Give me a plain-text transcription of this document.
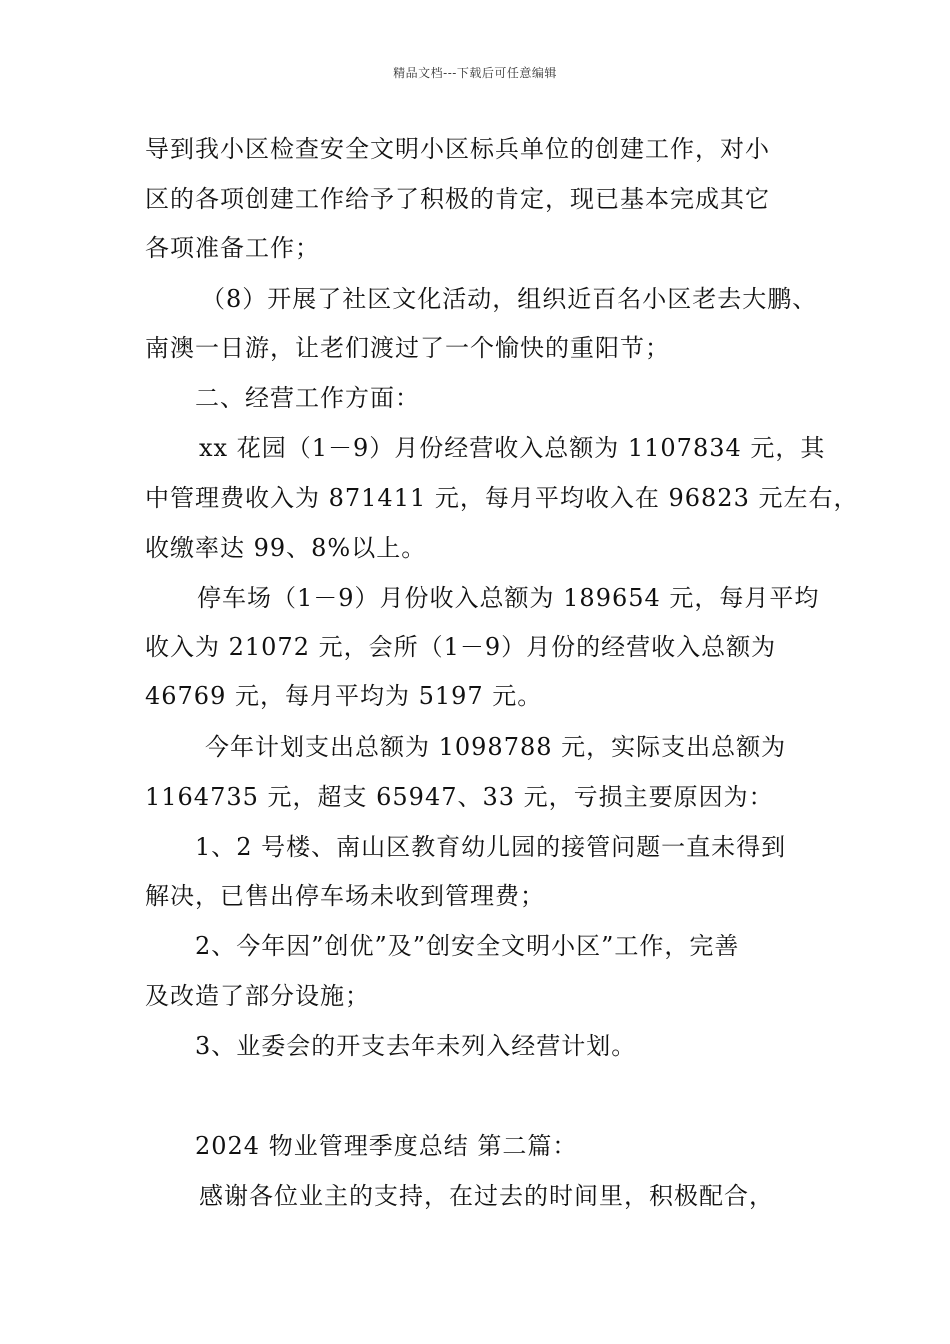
精品文档---下载后可任意编辑
导到我小区检查安全文明小区标兵单位的创建工作，对小
区的各项创建工作给予了积极的肯定，现已基本完成其它
各项准备工作；
（8）开展了社区文化活动，组织近百名小区老去大鹏、
南澳一日游，让老们渡过了一个愉快的重阳节；
二、经营工作方面：
xx 花园（1－9）月份经营收入总额为 1107834 元，其
中管理费收入为 871411 元，每月平均收入在 96823 元左右，
收缴率达 99、8%以上。
停车场（1－9）月份收入总额为 189654 元，每月平均
收入为 21072 元，会所（1－9）月份的经营收入总额为
46769 元，每月平均为 5197 元。
今年计划支出总额为 1098788 元，实际支出总额为
1164735 元，超支 65947、33 元，亏损主要原因为：
1、2 号楼、南山区教育幼儿园的接管问题一直未得到
解决，已售出停车场未收到管理费；
2、今年因”创优”及”创安全文明小区”工作，完善
及改造了部分设施；
3、业委会的开支去年未列入经营计划。
2024 物业管理季度总结 第二篇：
感谢各位业主的支持，在过去的时间里，积极配合，
